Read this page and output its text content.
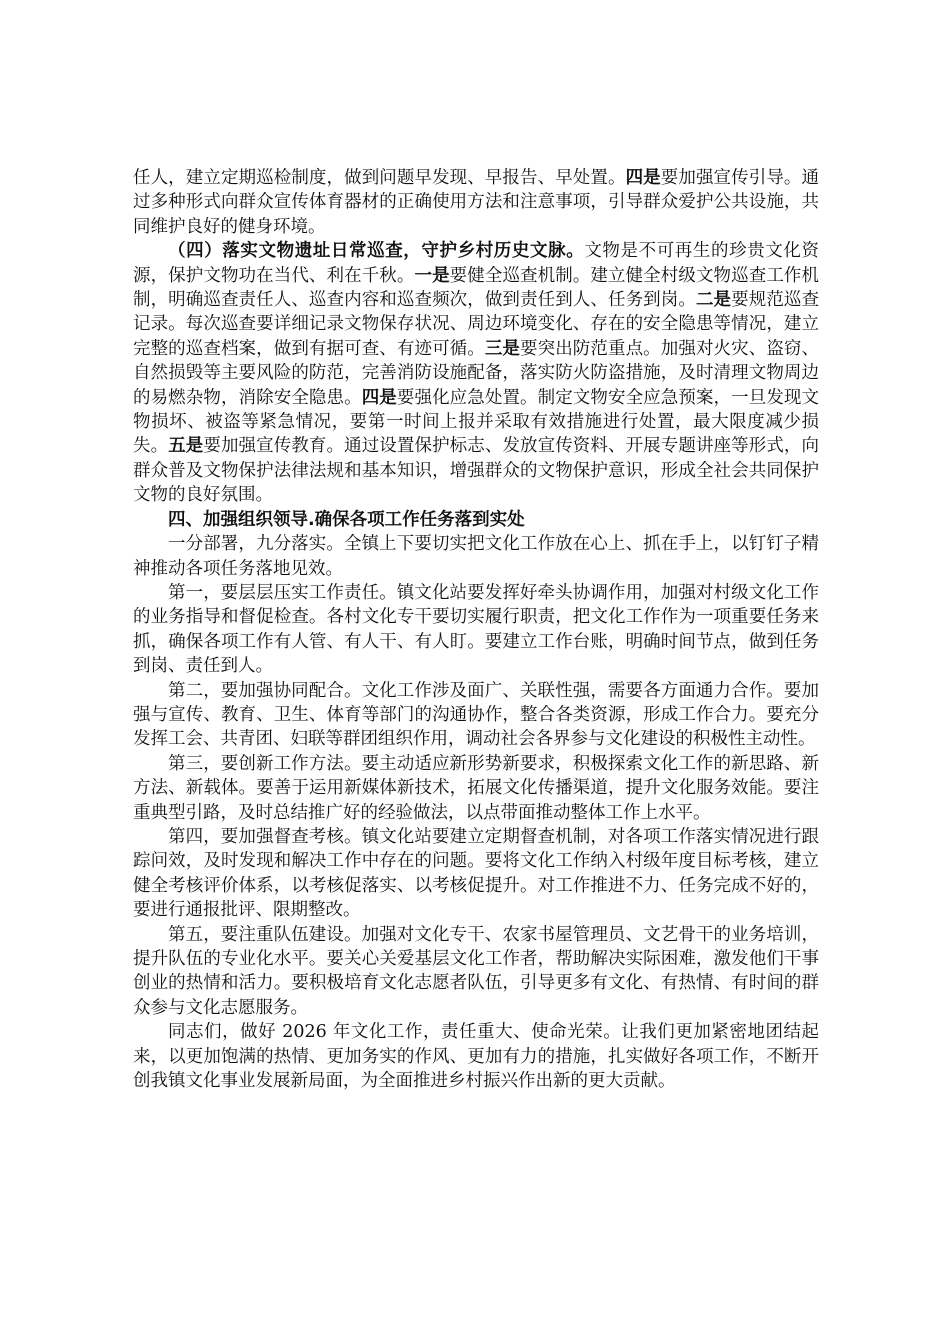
任人，建立定期巡检制度，做到问题早发现、早报告、早处置。四是要加强宣传引导。通过多种形式向群众宣传体育器材的正确使用方法和注意事项，引导群众爱护公共设施，共同维护良好的健身环境。

（四）落实文物遗址日常巡查，守护乡村历史文脉。文物是不可再生的珍贵文化资源，保护文物功在当代、利在千秋。一是要健全巡查机制。建立健全村级文物巡查工作机制，明确巡查责任人、巡查内容和巡查频次，做到责任到人、任务到岗。二是要规范巡查记录。每次巡查要详细记录文物保存状况、周边环境变化、存在的安全隐患等情况，建立完整的巡查档案，做到有据可查、有迹可循。三是要突出防范重点。加强对火灾、盗窃、自然损毁等主要风险的防范，完善消防设施配备，落实防火防盗措施，及时清理文物周边的易燃杂物，消除安全隐患。四是要强化应急处置。制定文物安全应急预案，一旦发现文物损坏、被盗等紧急情况，要第一时间上报并采取有效措施进行处置，最大限度减少损失。五是要加强宣传教育。通过设置保护标志、发放宣传资料、开展专题讲座等形式，向群众普及文物保护法律法规和基本知识，增强群众的文物保护意识，形成全社会共同保护文物的良好氛围。

四、加强组织领导.确保各项工作任务落到实处

一分部署，九分落实。全镇上下要切实把文化工作放在心上、抓在手上，以钉钉子精神推动各项任务落地见效。

第一，要层层压实工作责任。镇文化站要发挥好牵头协调作用，加强对村级文化工作的业务指导和督促检查。各村文化专干要切实履行职责，把文化工作作为一项重要任务来抓，确保各项工作有人管、有人干、有人盯。要建立工作台账，明确时间节点，做到任务到岗、责任到人。

第二，要加强协同配合。文化工作涉及面广、关联性强，需要各方面通力合作。要加强与宣传、教育、卫生、体育等部门的沟通协作，整合各类资源，形成工作合力。要充分发挥工会、共青团、妇联等群团组织作用，调动社会各界参与文化建设的积极性主动性。

第三，要创新工作方法。要主动适应新形势新要求，积极探索文化工作的新思路、新方法、新载体。要善于运用新媒体新技术，拓展文化传播渠道，提升文化服务效能。要注重典型引路，及时总结推广好的经验做法，以点带面推动整体工作上水平。

第四，要加强督查考核。镇文化站要建立定期督查机制，对各项工作落实情况进行跟踪问效，及时发现和解决工作中存在的问题。要将文化工作纳入村级年度目标考核，建立健全考核评价体系，以考核促落实、以考核促提升。对工作推进不力、任务完成不好的，要进行通报批评、限期整改。

第五，要注重队伍建设。加强对文化专干、农家书屋管理员、文艺骨干的业务培训，提升队伍的专业化水平。要关心关爱基层文化工作者，帮助解决实际困难，激发他们干事创业的热情和活力。要积极培育文化志愿者队伍，引导更多有文化、有热情、有时间的群众参与文化志愿服务。

同志们，做好 2026 年文化工作，责任重大、使命光荣。让我们更加紧密地团结起来，以更加饱满的热情、更加务实的作风、更加有力的措施，扎实做好各项工作，不断开创我镇文化事业发展新局面，为全面推进乡村振兴作出新的更大贡献。
